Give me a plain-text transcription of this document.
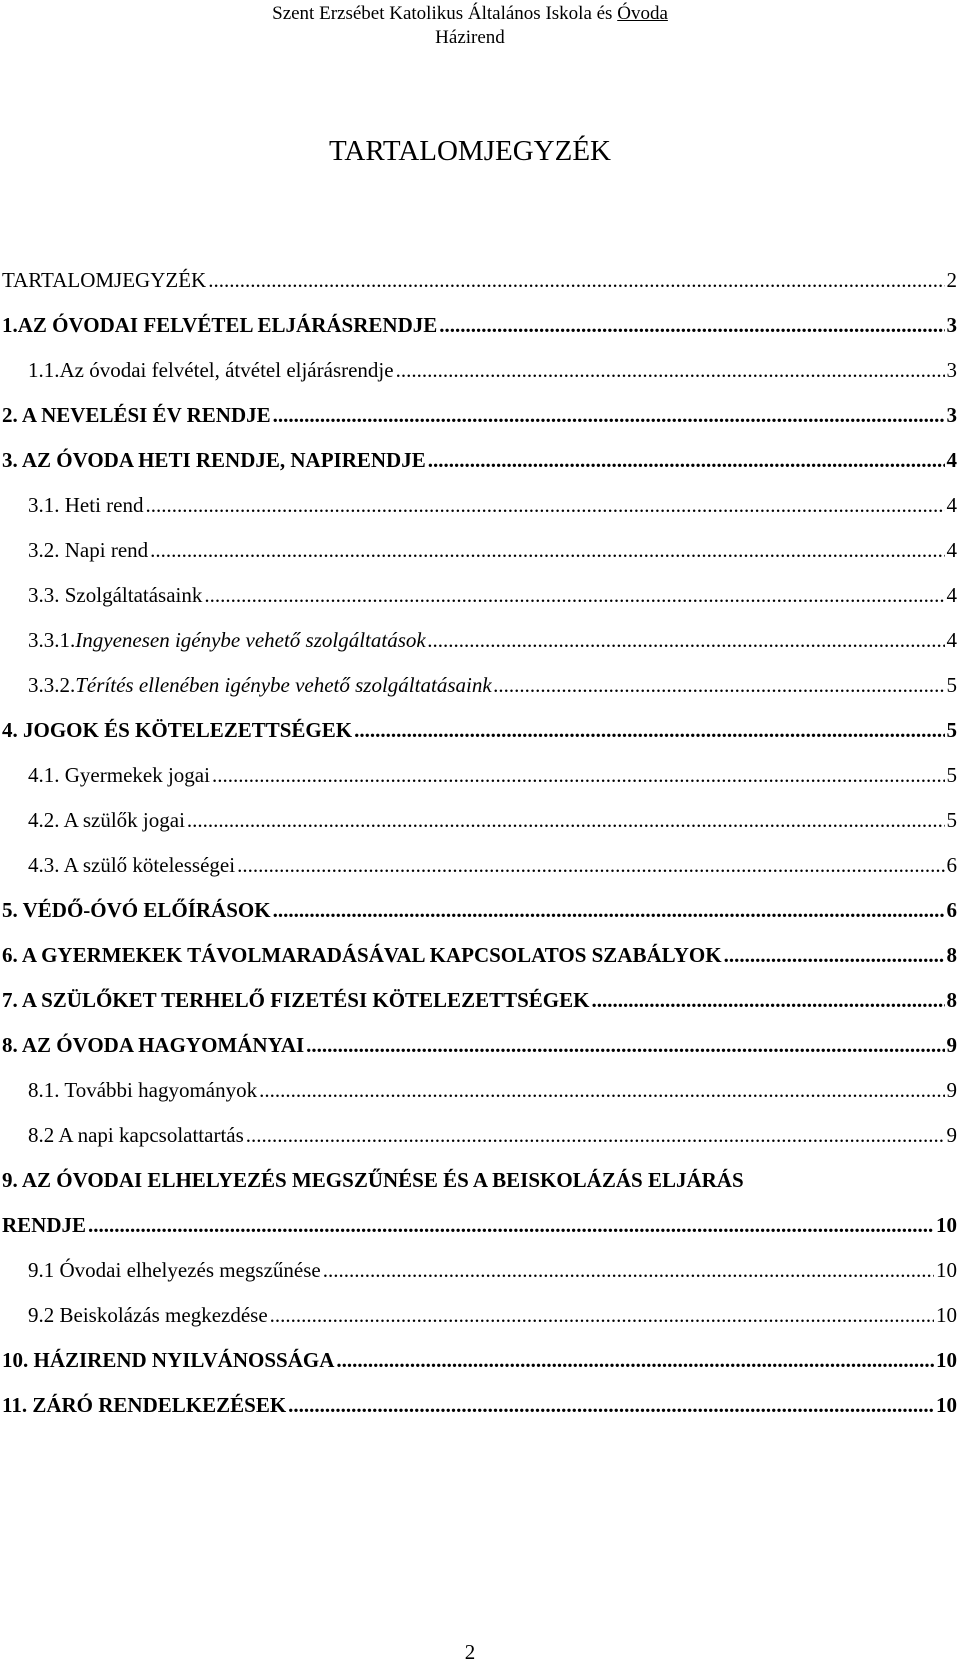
Szent Erzsébet Katolikus Általános Iskola és Óvoda
Házirend
TARTALOMJEGYZÉK
TARTALOMJEGYZÉK .....	2
1. AZ ÓVODAI FELVÉTEL ELJÁRÁSRENDJE .....	3
1.1. Az óvodai felvétel, átvétel eljárásrendje .....	3
2. A NEVELÉSI ÉV RENDJE .....	3
3. AZ ÓVODA HETI RENDJE, NAPIRENDJE .....	4
3.1. Heti rend .....	4
3.2. Napi rend .....	4
3.3. Szolgáltatásaink .....	4
3.3.1. Ingyenesen igénybe vehető szolgáltatások .....	4
3.3.2. Térítés ellenében igénybe vehető szolgáltatásaink .....	5
4. JOGOK ÉS KÖTELEZETTSÉGEK .....	5
4.1. Gyermekek jogai .....	5
4.2. A szülők jogai .....	5
4.3. A szülő kötelességei .....	6
5. VÉDŐ-ÓVÓ ELŐÍRÁSOK .....	6
6. A GYERMEKEK TÁVOLMARADÁSÁVAL KAPCSOLATOS SZABÁLYOK .....	8
7. A SZÜLŐKET TERHELŐ FIZETÉSI KÖTELEZETTSÉGEK .....	8
8. AZ ÓVODA HAGYOMÁNYAI .....	9
8.1. További hagyományok .....	9
8.2 A napi kapcsolattartás .....	9
9. AZ ÓVODAI ELHELYEZÉS MEGSZŰNÉSE ÉS A BEISKOLÁZÁS ELJÁRÁS
RENDJE .....	10
9.1 Óvodai elhelyezés megszűnése .....	10
9.2 Beiskolázás megkezdése .....	10
10. HÁZIREND NYILVÁNOSSÁGA .....	10
11. ZÁRÓ RENDELKEZÉSEK .....	10
2
